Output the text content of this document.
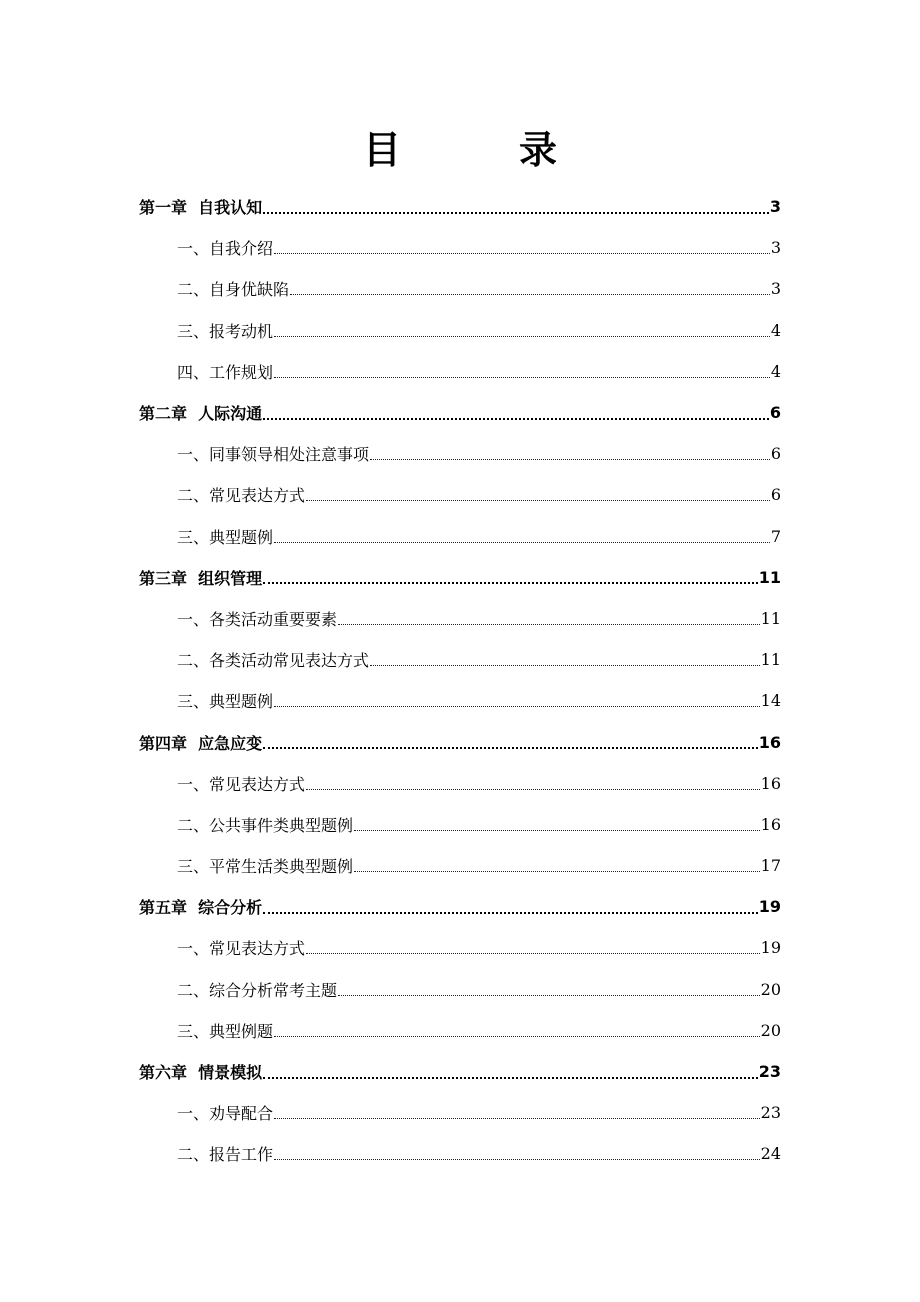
目　录
第一章  自我认知	3
一、自我介绍	3
二、自身优缺陷	3
三、报考动机	4
四、工作规划	4
第二章  人际沟通	6
一、同事领导相处注意事项	6
二、常见表达方式	6
三、典型题例	7
第三章  组织管理	11
一、各类活动重要要素	11
二、各类活动常见表达方式	11
三、典型题例	14
第四章  应急应变	16
一、常见表达方式	16
二、公共事件类典型题例	16
三、平常生活类典型题例	17
第五章  综合分析	19
一、常见表达方式	19
二、综合分析常考主题	20
三、典型例题	20
第六章  情景模拟	23
一、劝导配合	23
二、报告工作	24
